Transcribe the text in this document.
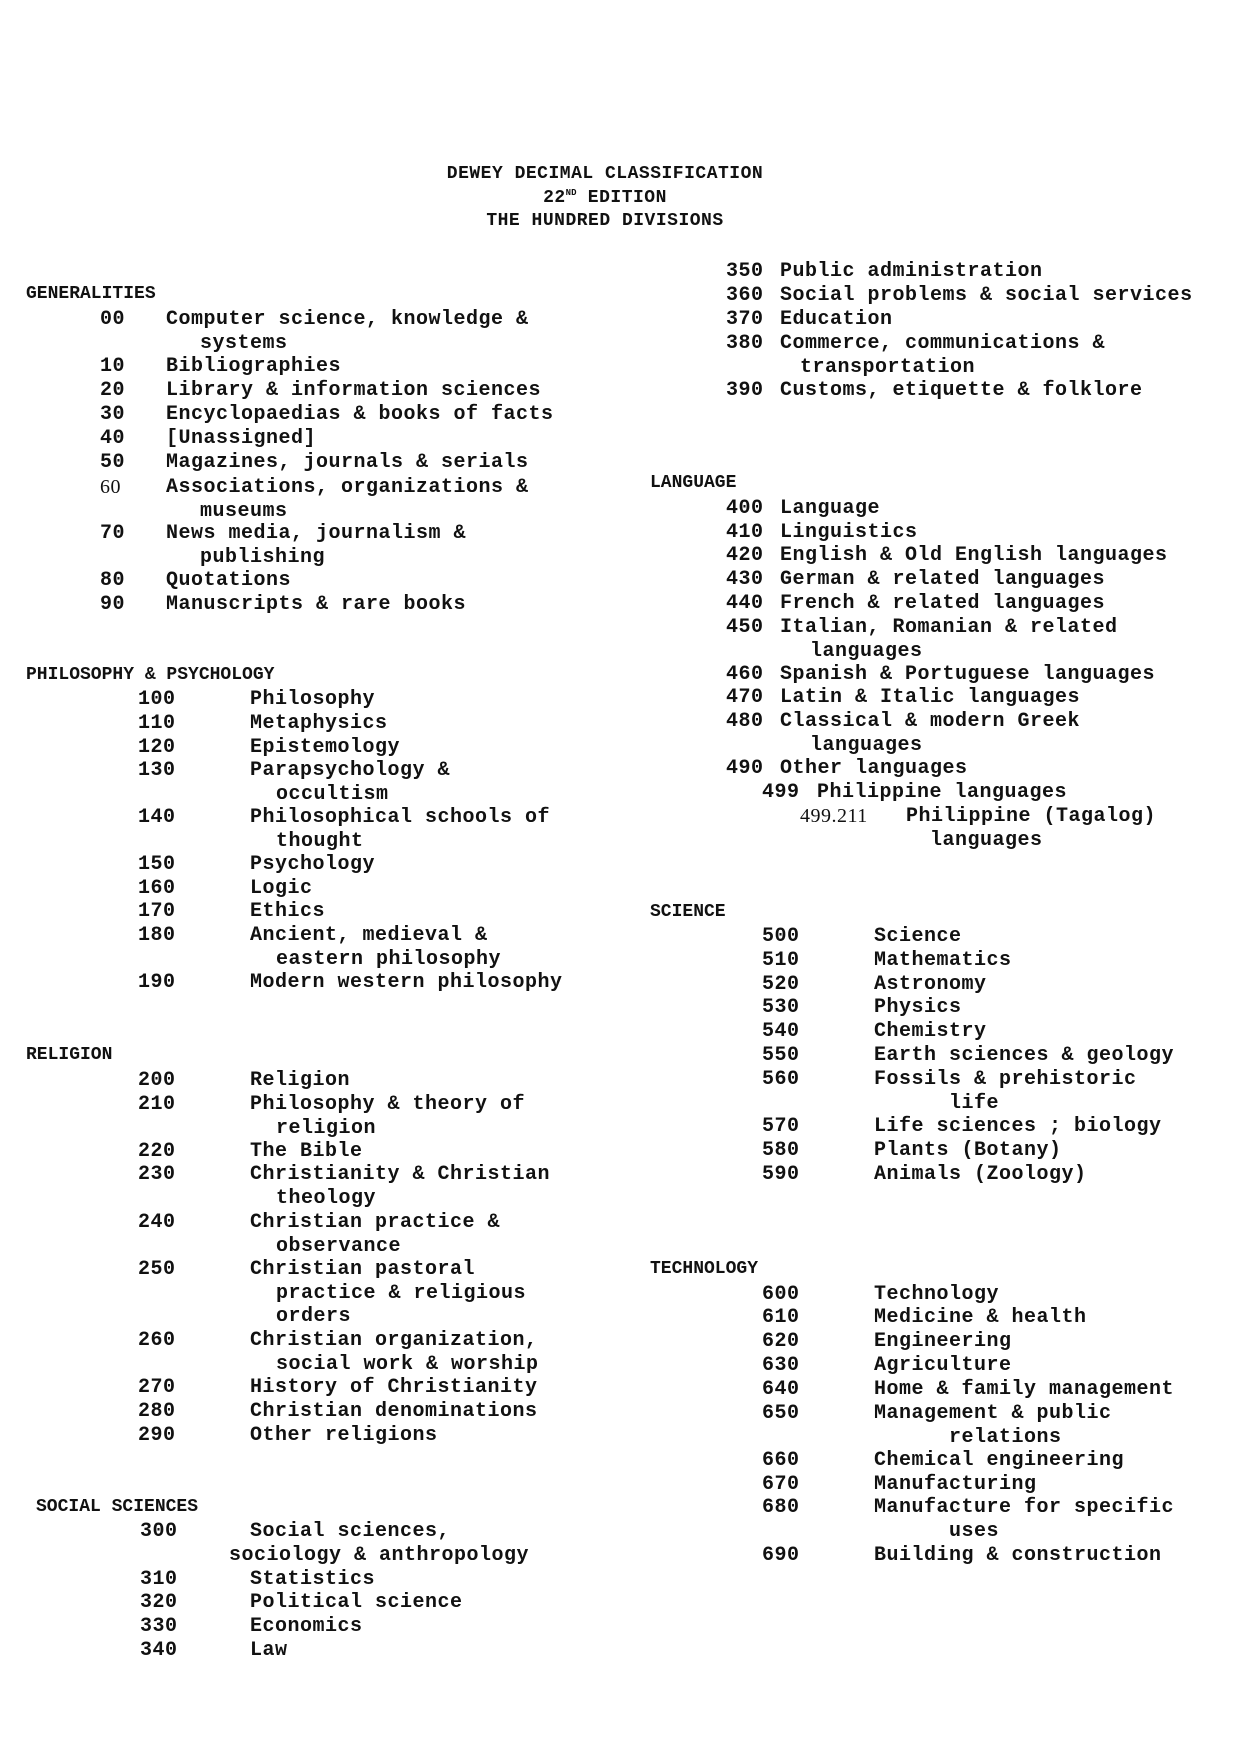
DEWEY DECIMAL CLASSIFICATION
22ND EDITION
THE HUNDRED DIVISIONS
GENERALITIES
PHILOSOPHY & PSYCHOLOGY
RELIGION
SOCIAL SCIENCES
LANGUAGE
SCIENCE
TECHNOLOGY
00 Computer science, knowledge &
systems
10 Bibliographies
20 Library & information sciences
30 Encyclopaedias & books of facts
40 [Unassigned]
50 Magazines, journals & serials
60 Associations, organizations &
museums
70 News media, journalism &
publishing
80 Quotations
90 Manuscripts & rare books
100	Philosophy
110	Metaphysics
120	Epistemology
130	Parapsychology &
occultism
140	Philosophical schools of
thought
150	Psychology
160	Logic
170	Ethics
180	Ancient, medieval &
eastern philosophy
190	Modern western philosophy
200	Religion
210	Philosophy & theory of
religion
220	The Bible
230	Christianity & Christian
theology
240	Christian practice &
observance
250	Christian pastoral
practice & religious
orders
260	Christian organization,
social work & worship
270	History of Christianity
280	Christian denominations
290	Other religions
300	Social sciences,
sociology & anthropology
310	Statistics
320	Political science
330	Economics
340	Law
350 Public administration
360 Social problems & social services
370 Education
380 Commerce, communications &
transportation
390 Customs, etiquette & folklore
400 Language
410 Linguistics
420 English & Old English languages
430 German & related languages
440 French & related languages
450 Italian, Romanian & related
languages
460 Spanish & Portuguese languages
470 Latin & Italic languages
480 Classical & modern Greek
languages
490 Other languages
499 Philippine languages
499.211 Philippine (Tagalog)
languages
500	Science
510	Mathematics
520	Astronomy
530	Physics
540	Chemistry
550	Earth sciences & geology
560	Fossils & prehistoric
life
570	Life sciences ; biology
580	Plants (Botany)
590	Animals (Zoology)
600	Technology
610	Medicine & health
620	Engineering
630	Agriculture
640	Home & family management
650	Management & public
relations
660	Chemical engineering
670	Manufacturing
680	Manufacture for specific
uses
690	Building & construction
